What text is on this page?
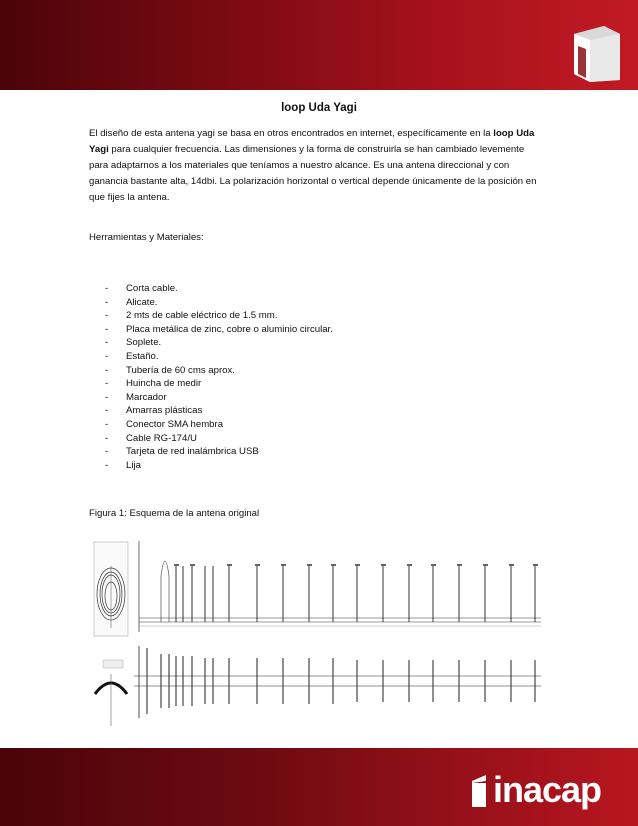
loop Uda Yagi
El diseño de esta antena yagi se basa en otros encontrados en internet, específicamente en la loop Uda Yagi para cualquier frecuencia. Las dimensiones y la forma de construirla se han cambiado levemente para adaptarnos a los materiales que teníamos a nuestro alcance. Es una antena direccional y con ganancia bastante alta, 14dbi. La polarización horizontal o vertical depende únicamente de la posición en que fijes la antena.
Herramientas y Materiales:
- Corta cable.
- Alicate.
- 2 mts de cable eléctrico de 1.5 mm.
- Placa metálica de zinc, cobre o aluminio circular.
- Soplete.
- Estaño.
- Tubería de 60 cms aprox.
- Huincha de medir
- Marcador
- Amarras plásticas
- Conector SMA hembra
- Cable RG-174/U
- Tarjeta de red inalámbrica USB
- Lija
Figura 1: Esquema de la antena original
inacap
